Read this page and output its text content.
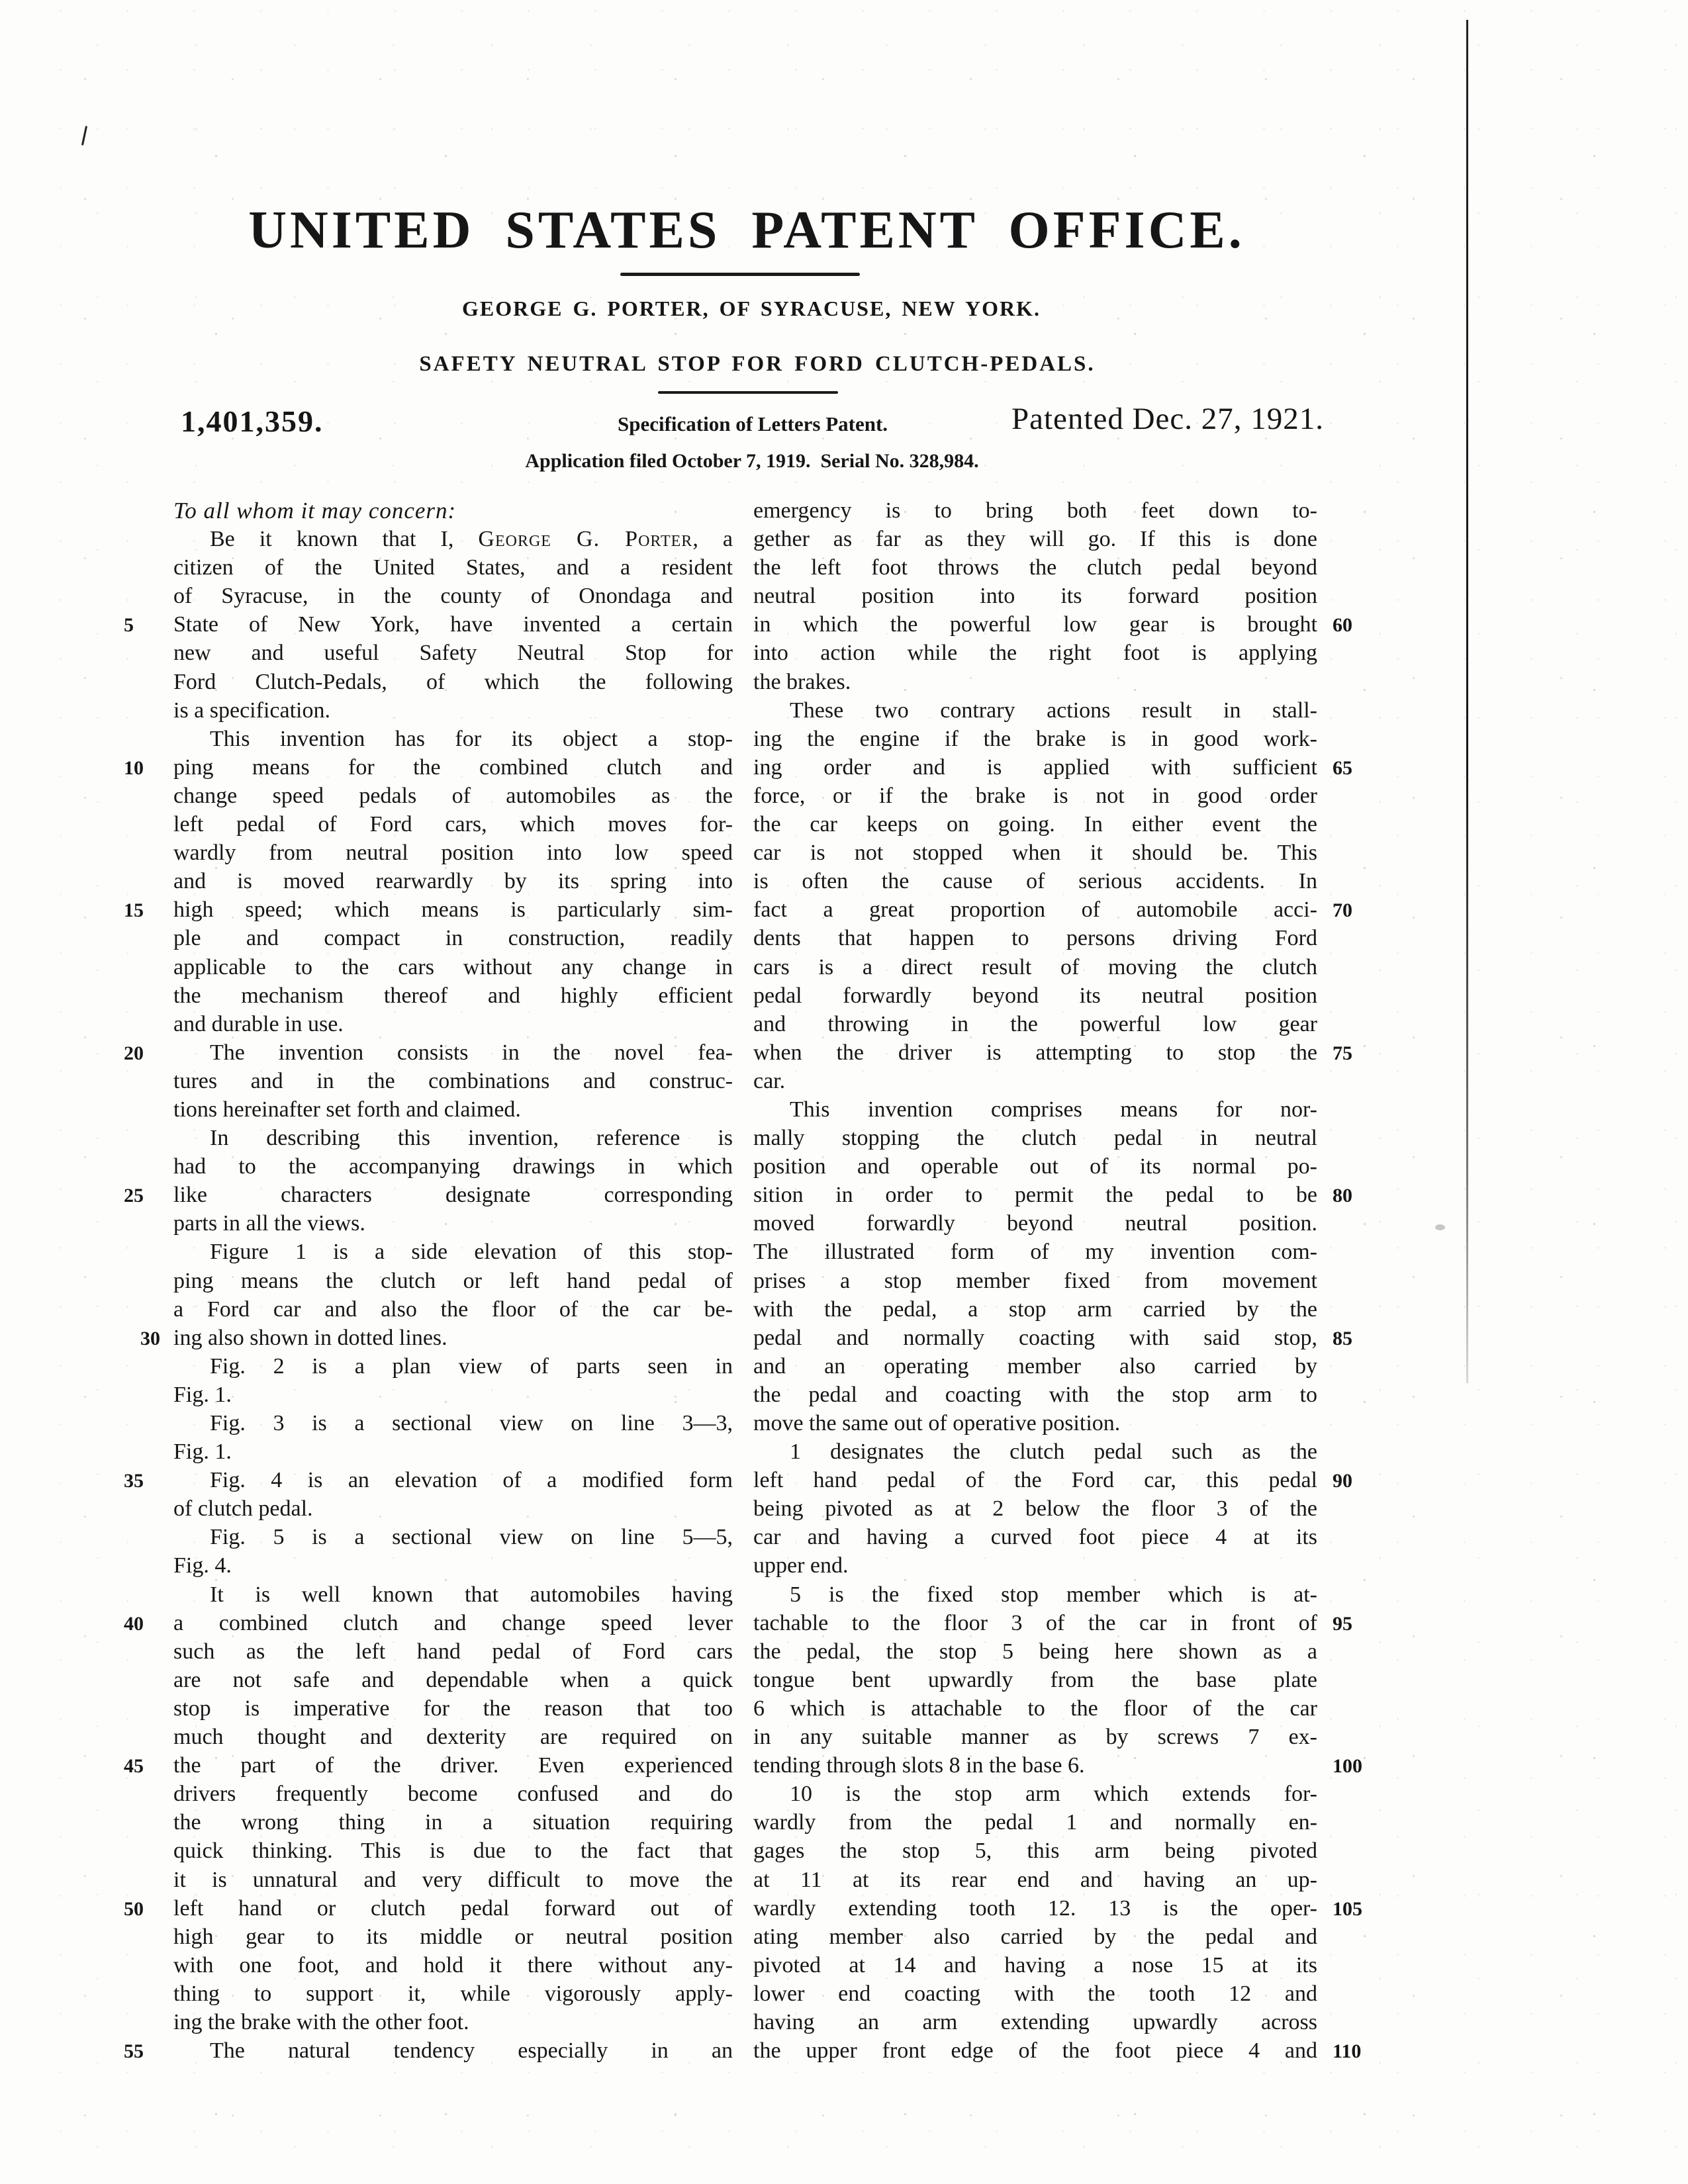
UNITED STATES PATENT OFFICE.
GEORGE G. PORTER, OF SYRACUSE, NEW YORK.
SAFETY NEUTRAL STOP FOR FORD CLUTCH-PEDALS.
1,401,359.	Specification of Letters Patent.	Patented Dec. 27, 1921.
Application filed October 7, 1919.  Serial No. 328,984.
To all whom it may concern:
Be it known that I, George G. Porter, a
citizen of the United States, and a resident
of Syracuse, in the county of Onondaga and
State of New York, have invented a certain
5
new and useful Safety Neutral Stop for
Ford Clutch-Pedals, of which the following
is a specification.
This invention has for its object a stop-
ping means for the combined clutch and
10
change speed pedals of automobiles as the
left pedal of Ford cars, which moves for-
wardly from neutral position into low speed
and is moved rearwardly by its spring into
high speed; which means is particularly sim-
15
ple and compact in construction, readily
applicable to the cars without any change in
the mechanism thereof and highly efficient
and durable in use.
The invention consists in the novel fea-
20
tures and in the combinations and construc-
tions hereinafter set forth and claimed.
In describing this invention, reference is
had to the accompanying drawings in which
like characters designate corresponding
25
parts in all the views.
Figure 1 is a side elevation of this stop-
ping means the clutch or left hand pedal of
a Ford car and also the floor of the car be-
ing also shown in dotted lines.
30
Fig. 2 is a plan view of parts seen in
Fig. 1.
Fig. 3 is a sectional view on line 3—3,
Fig. 1.
Fig. 4 is an elevation of a modified form
35
of clutch pedal.
Fig. 5 is a sectional view on line 5—5,
Fig. 4.
It is well known that automobiles having
a combined clutch and change speed lever
40
such as the left hand pedal of Ford cars
are not safe and dependable when a quick
stop is imperative for the reason that too
much thought and dexterity are required on
the part of the driver. Even experienced
45
drivers frequently become confused and do
the wrong thing in a situation requiring
quick thinking. This is due to the fact that
it is unnatural and very difficult to move the
left hand or clutch pedal forward out of
50
high gear to its middle or neutral position
with one foot, and hold it there without any-
thing to support it, while vigorously apply-
ing the brake with the other foot.
The natural tendency especially in an
55
emergency is to bring both feet down to-
gether as far as they will go. If this is done
the left foot throws the clutch pedal beyond
neutral position into its forward position
in which the powerful low gear is brought 60
into action while the right foot is applying
the brakes.
These two contrary actions result in stall-
ing the engine if the brake is in good work-
ing order and is applied with sufficient 65
force, or if the brake is not in good order
the car keeps on going. In either event the
car is not stopped when it should be. This
is often the cause of serious accidents. In
fact a great proportion of automobile acci- 70
dents that happen to persons driving Ford
cars is a direct result of moving the clutch
pedal forwardly beyond its neutral position
and throwing in the powerful low gear
when the driver is attempting to stop the 75
car.
This invention comprises means for nor-
mally stopping the clutch pedal in neutral
position and operable out of its normal po-
sition in order to permit the pedal to be 80
moved forwardly beyond neutral position.
The illustrated form of my invention com-
prises a stop member fixed from movement
with the pedal, a stop arm carried by the
pedal and normally coacting with said stop, 85
and an operating member also carried by
the pedal and coacting with the stop arm to
move the same out of operative position.
1 designates the clutch pedal such as the
left hand pedal of the Ford car, this pedal 90
being pivoted as at 2 below the floor 3 of the
car and having a curved foot piece 4 at its
upper end.
5 is the fixed stop member which is at-
tachable to the floor 3 of the car in front of 95
the pedal, the stop 5 being here shown as a
tongue bent upwardly from the base plate
6 which is attachable to the floor of the car
in any suitable manner as by screws 7 ex-
tending through slots 8 in the base 6.	100
10 is the stop arm which extends for-
wardly from the pedal 1 and normally en-
gages the stop 5, this arm being pivoted
at 11 at its rear end and having an up-
wardly extending tooth 12. 13 is the oper- 105
ating member also carried by the pedal and
pivoted at 14 and having a nose 15 at its
lower end coacting with the tooth 12 and
having an arm extending upwardly across
the upper front edge of the foot piece 4 and 110
